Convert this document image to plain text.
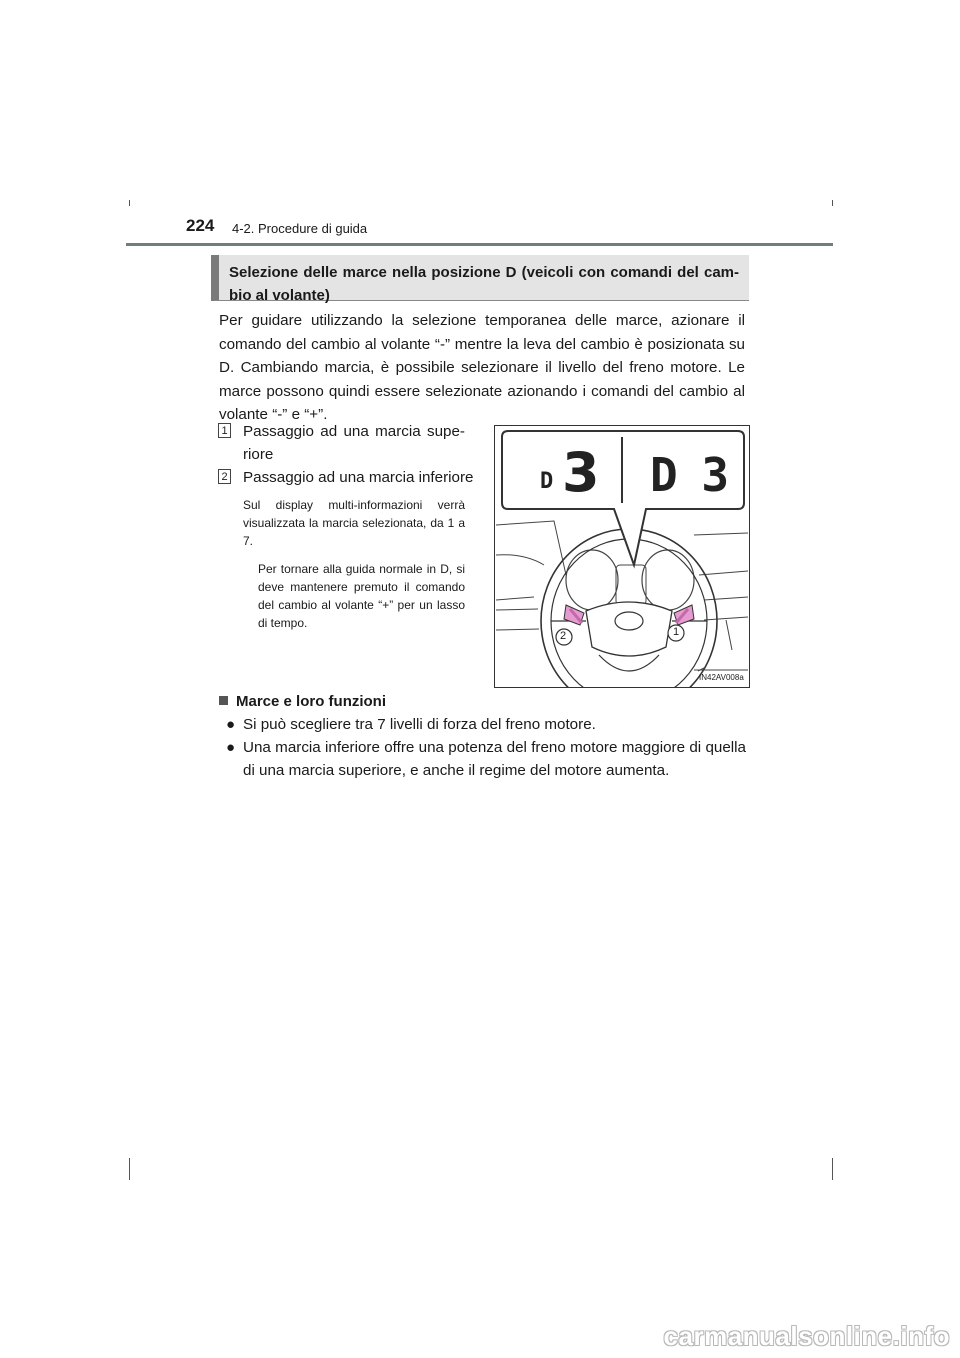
224 4-2. Procedure di guida
Selezione delle marce nella posizione D (veicoli con comandi del cam- bio al volante)
Per guidare utilizzando la selezione temporanea delle marce, azionare il comando del cambio al volante “-” mentre la leva del cambio è posizionata su D. Cambiando marcia, è possibile selezionare il livello del freno motore. Le marce possono quindi essere selezionate azionando i comandi del cambio al volante “-” e “+”.
1 Passaggio ad una marcia supe- riore
2 Passaggio ad una marcia inferiore
Sul display multi-informazioni verrà visualizzata la marcia selezionata, da 1 a 7.
Per tornare alla guida normale in D, si deve mantenere premuto il comando del cambio al volante “+” per un lasso di tempo.
D 3 D 3
2	1
IN42AV008a
Marce e loro funzioni
● Si può scegliere tra 7 livelli di forza del freno motore.
● Una marcia inferiore offre una potenza del freno motore maggiore di quella di una marcia superiore, e anche il regime del motore aumenta.
carmanualsonline.info
